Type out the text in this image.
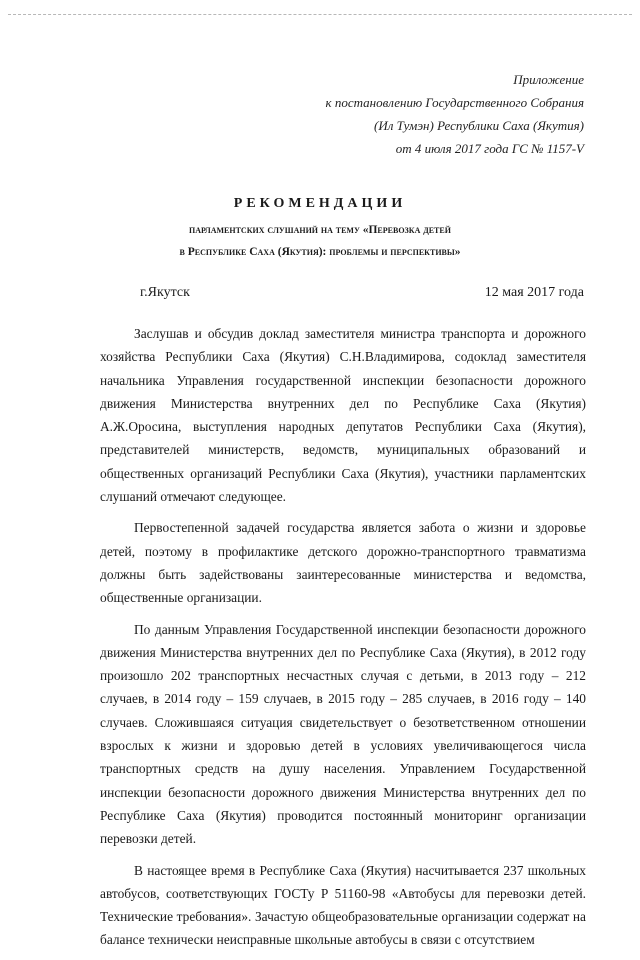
Приложение
к постановлению Государственного Собрания
(Ил Тумэн) Республики Саха (Якутия)
от 4 июля 2017 года ГС № 1157-V
РЕКОМЕНДАЦИИ
парламентских слушаний на тему «Перевозка детей
в Республике Саха (Якутия): проблемы и перспективы»
г.Якутск	12 мая 2017 года

Заслушав и обсудив доклад заместителя министра транспорта и дорожного хозяйства Республики Саха (Якутия) С.Н.Владимирова, содоклад заместителя начальника Управления государственной инспекции безопасности дорожного движения Министерства внутренних дел по Республике Саха (Якутия) А.Ж.Оросина, выступления народных депутатов Республики Саха (Якутия), представителей министерств, ведомств, муниципальных образований и общественных организаций Республики Саха (Якутия), участники парламентских слушаний отмечают следующее.

Первостепенной задачей государства является забота о жизни и здоровье детей, поэтому в профилактике детского дорожно-транспортного травматизма должны быть задействованы заинтересованные министерства и ведомства, общественные организации.

По данным Управления Государственной инспекции безопасности дорожного движения Министерства внутренних дел по Республике Саха (Якутия), в 2012 году произошло 202 транспортных несчастных случая с детьми, в 2013 году – 212 случаев, в 2014 году – 159 случаев, в 2015 году – 285 случаев, в 2016 году – 140 случаев. Сложившаяся ситуация свидетельствует о безответственном отношении взрослых к жизни и здоровью детей в условиях увеличивающегося числа транспортных средств на душу населения. Управлением Государственной инспекции безопасности дорожного движения Министерства внутренних дел по Республике Саха (Якутия) проводится постоянный мониторинг организации перевозки детей.

В настоящее время в Республике Саха (Якутия) насчитывается 237 школьных автобусов, соответствующих ГОСТу Р 51160-98 «Автобусы для перевозки детей. Технические требования». Зачастую общеобразовательные организации содержат на балансе технически неисправные школьные автобусы в связи с отсутствием
